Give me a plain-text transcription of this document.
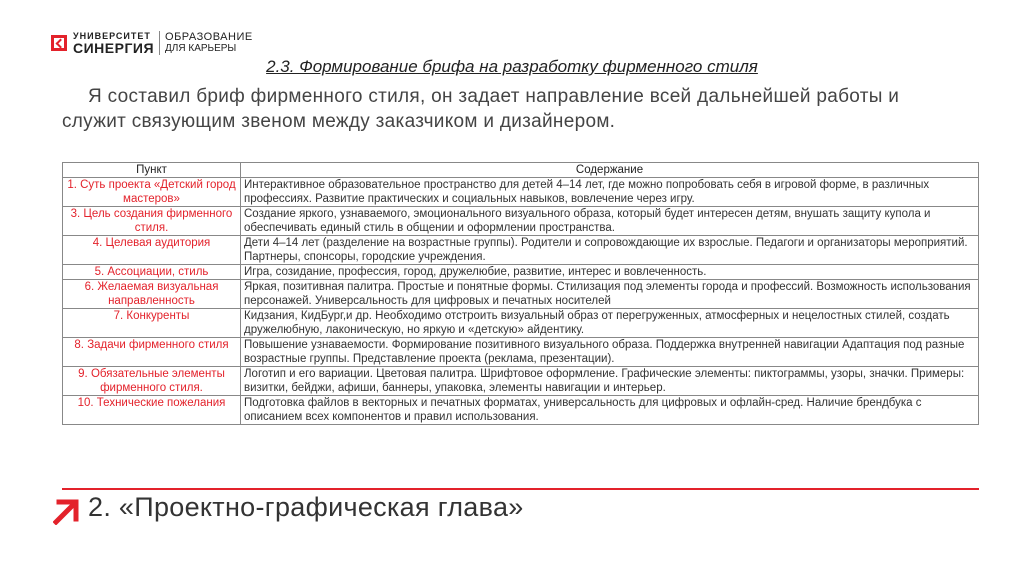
УНИВЕРСИТЕТ
СИНЕРГИЯ
ОБРАЗОВАНИЕ
ДЛЯ КАРЬЕРЫ
2.3. Формирование брифа на разработку фирменного стиля
Я составил бриф фирменного стиля, он задает направление всей дальнейшей работы и служит связующим звеном между заказчиком и дизайнером.
Пункт	Содержание
1. Суть проекта «Детский город мастеров»	Интерактивное образовательное пространство для детей 4–14 лет, где можно попробовать себя в игровой форме, в различных профессиях. Развитие практических и социальных навыков, вовлечение через игру.
3. Цель создания фирменного стиля.	Создание яркого, узнаваемого, эмоционального визуального образа, который будет интересен детям, внушать защиту купола и обеспечивать единый стиль в общении и оформлении пространства.
4. Целевая аудитория	Дети 4–14 лет (разделение на возрастные группы). Родители и сопровождающие их взрослые. Педагоги и организаторы мероприятий. Партнеры, спонсоры, городские учреждения.
5. Ассоциации, стиль	Игра, созидание, профессия, город, дружелюбие, развитие, интерес и вовлеченность.
6. Желаемая визуальная направленность	Яркая, позитивная палитра. Простые и понятные формы. Стилизация под элементы города и профессий. Возможность использования персонажей. Универсальность для цифровых и печатных носителей
7. Конкуренты	Кидзания, КидБург,и др. Необходимо отстроить визуальный образ от перегруженных, атмосферных и нецелостных стилей, создать дружелюбную, лаконическую, но яркую и «детскую» айдентику.
8. Задачи фирменного стиля	Повышение узнаваемости. Формирование позитивного визуального образа. Поддержка внутренней навигации Адаптация под разные возрастные группы. Представление проекта (реклама, презентации).
9. Обязательные элементы фирменного стиля.	Логотип и его вариации. Цветовая палитра. Шрифтовое оформление. Графические элементы: пиктограммы, узоры, значки. Примеры: визитки, бейджи, афиши, баннеры, упаковка, элементы навигации и интерьер.
10. Технические пожелания	Подготовка файлов в векторных и печатных форматах, универсальность для цифровых и офлайн-сред. Наличие брендбука с описанием всех компонентов и правил использования.
2. «Проектно-графическая глава»
